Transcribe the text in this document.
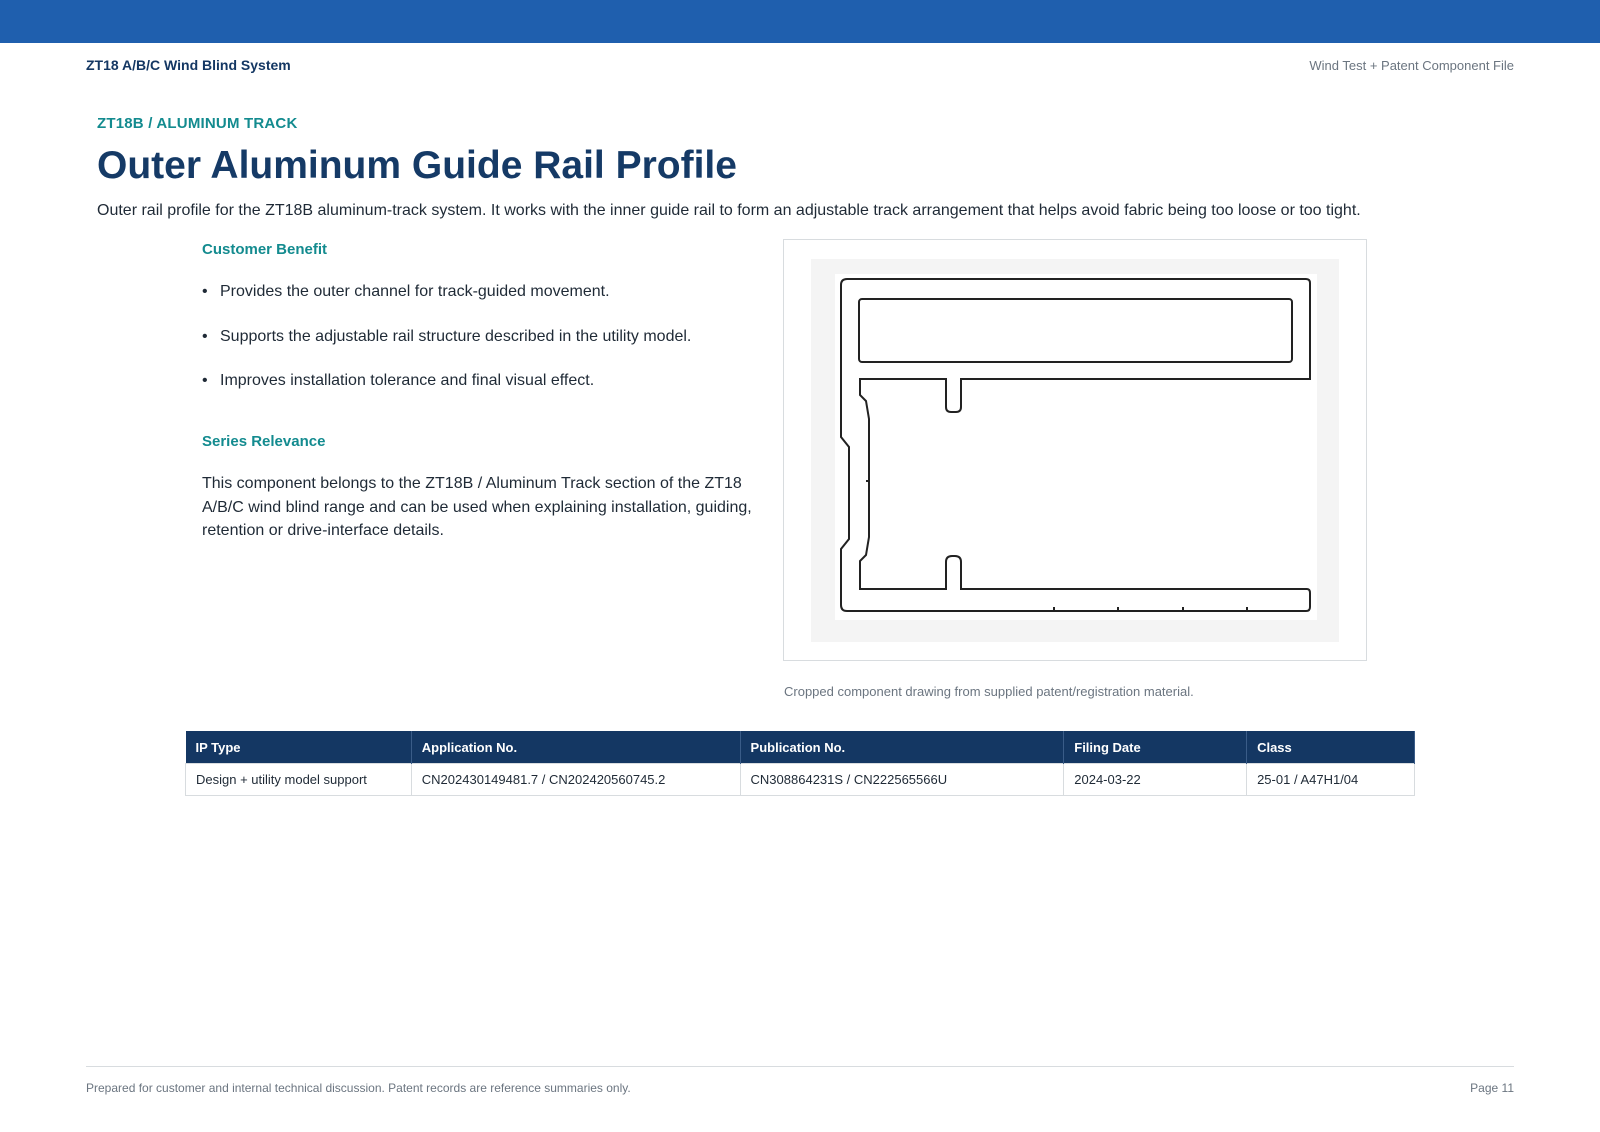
ZT18 A/B/C Wind Blind System	Wind Test + Patent Component File
ZT18B / ALUMINUM TRACK
Outer Aluminum Guide Rail Profile
Outer rail profile for the ZT18B aluminum-track system. It works with the inner guide rail to form an adjustable track arrangement that helps avoid fabric being too loose or too tight.
Customer Benefit
• Provides the outer channel for track-guided movement.
• Supports the adjustable rail structure described in the utility model.
• Improves installation tolerance and final visual effect.
Series Relevance

This component belongs to the ZT18B / Aluminum Track section of the ZT18 A/B/C wind blind range and can be used when explaining installation, guiding, retention or drive-interface details.

Cropped component drawing from supplied patent/registration material.
IP Type	Application No.	Publication No.	Filing Date	Class
Design + utility model support	CN202430149481.7 / CN202420560745.2	CN308864231S / CN222565566U	2024-03-22	25-01 / A47H1/04
Prepared for customer and internal technical discussion. Patent records are reference summaries only.	Page 11
